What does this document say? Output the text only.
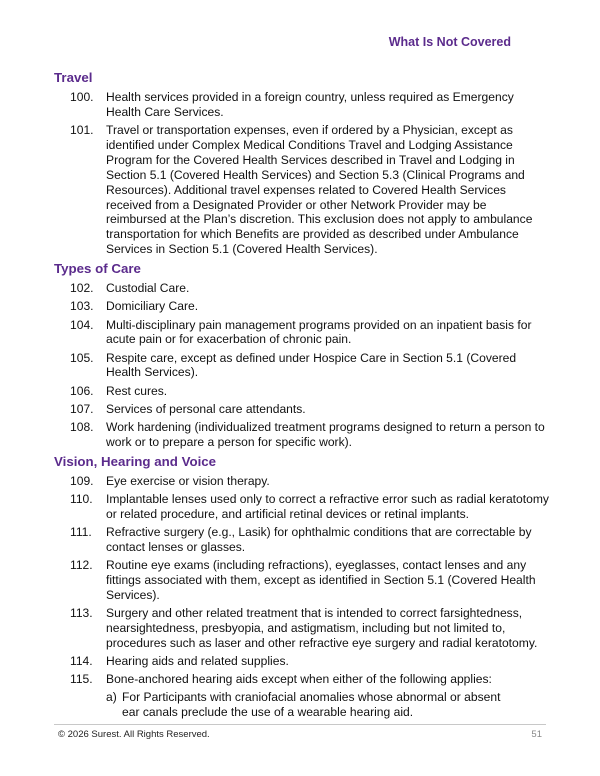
What Is Not Covered
Travel
100.	Health services provided in a foreign country, unless required as Emergency Health Care Services.
101.	Travel or transportation expenses, even if ordered by a Physician, except as identified under Complex Medical Conditions Travel and Lodging Assistance Program for the Covered Health Services described in Travel and Lodging in Section 5.1 (Covered Health Services) and Section 5.3 (Clinical Programs and Resources). Additional travel expenses related to Covered Health Services received from a Designated Provider or other Network Provider may be reimbursed at the Plan’s discretion. This exclusion does not apply to ambulance transportation for which Benefits are provided as described under Ambulance Services in Section 5.1 (Covered Health Services).
Types of Care
102.	Custodial Care.
103.	Domiciliary Care.
104.	Multi-disciplinary pain management programs provided on an inpatient basis for acute pain or for exacerbation of chronic pain.
105.	Respite care, except as defined under Hospice Care in Section 5.1 (Covered Health Services).
106.	Rest cures.
107.	Services of personal care attendants.
108.	Work hardening (individualized treatment programs designed to return a person to work or to prepare a person for specific work).
Vision, Hearing and Voice
109.	Eye exercise or vision therapy.
110.	Implantable lenses used only to correct a refractive error such as radial keratotomy or related procedure, and artificial retinal devices or retinal implants.
111.	Refractive surgery (e.g., Lasik) for ophthalmic conditions that are correctable by contact lenses or glasses.
112.	Routine eye exams (including refractions), eyeglasses, contact lenses and any fittings associated with them, except as identified in Section 5.1 (Covered Health Services).
113.	Surgery and other related treatment that is intended to correct farsightedness, nearsightedness, presbyopia, and astigmatism, including but not limited to, procedures such as laser and other refractive eye surgery and radial keratotomy.
114.	Hearing aids and related supplies.
115.	Bone-anchored hearing aids except when either of the following applies:
a) For Participants with craniofacial anomalies whose abnormal or absent ear canals preclude the use of a wearable hearing aid.
© 2026 Surest. All Rights Reserved.	51
